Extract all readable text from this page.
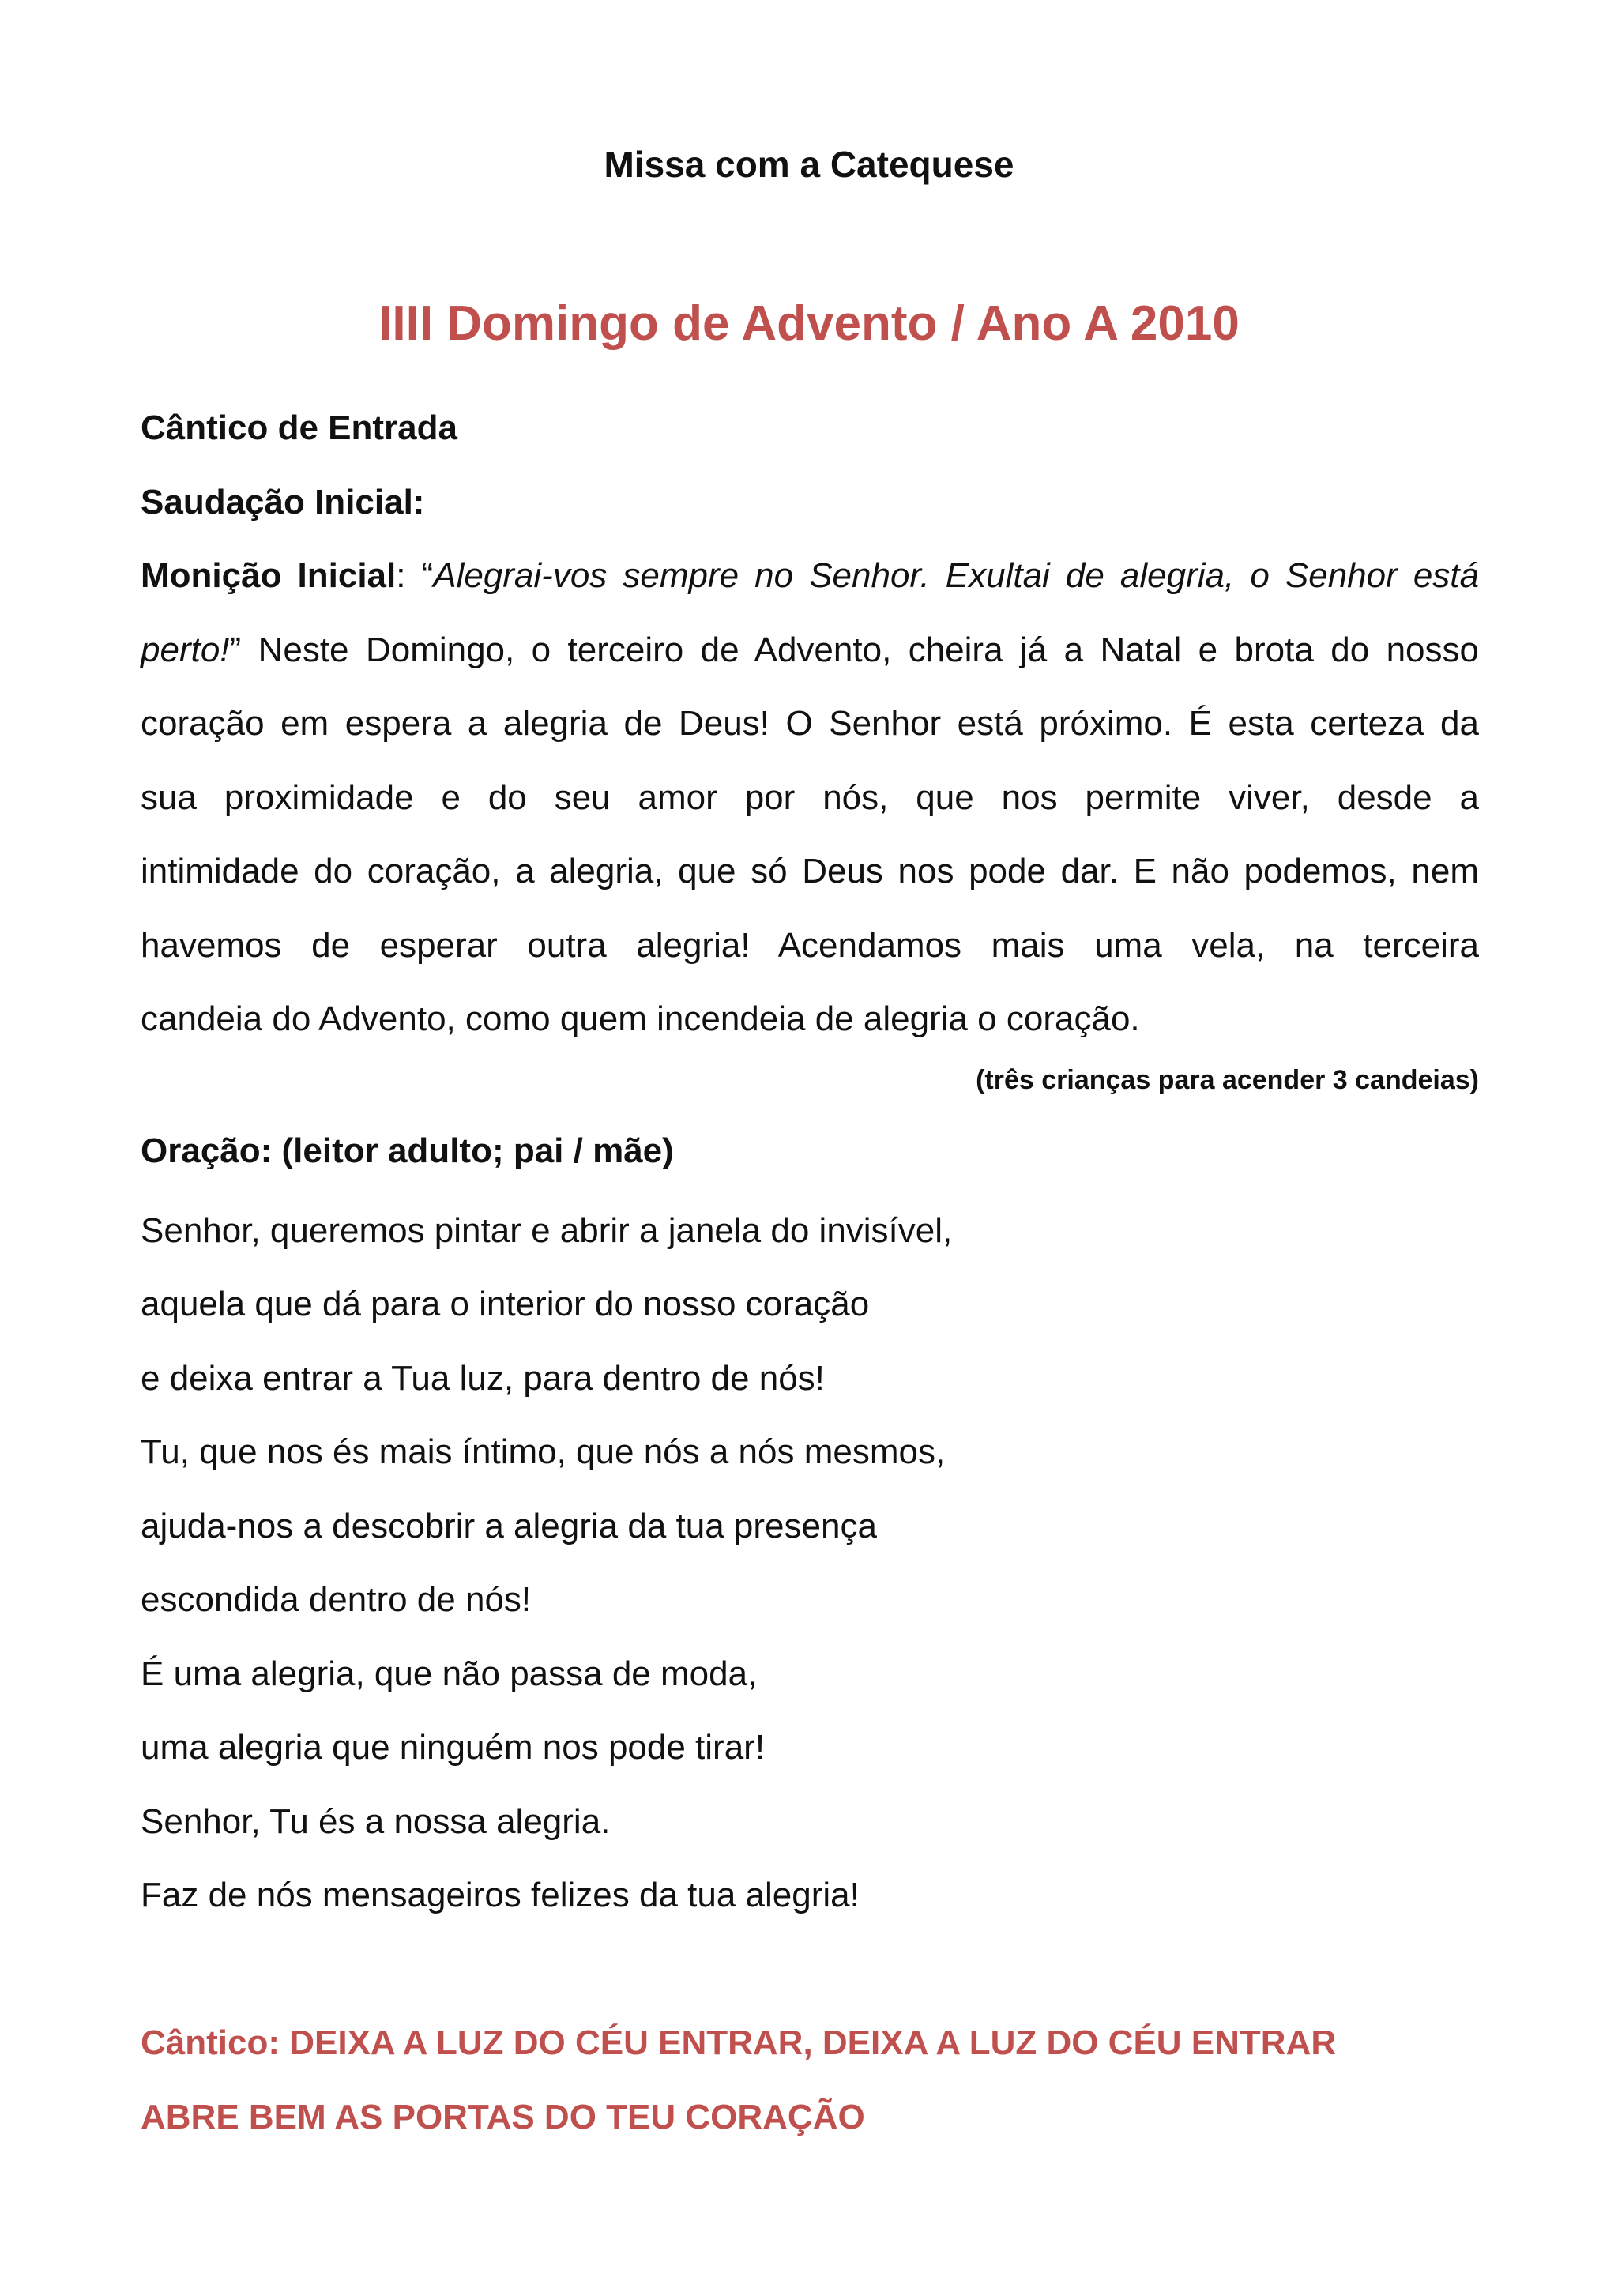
Missa com a Catequese
IIII Domingo de Advento / Ano A 2010
Cântico de Entrada
Saudação Inicial:
Monição Inicial: “Alegrai-vos sempre no Senhor. Exultai de alegria, o Senhor está
perto!” Neste Domingo, o terceiro de Advento, cheira já a Natal e brota do nosso
coração em espera a alegria de Deus! O Senhor está próximo. É esta certeza da
sua proximidade e do seu amor por nós, que nos permite viver, desde a
intimidade do coração, a alegria, que só Deus nos pode dar. E não podemos, nem
havemos de esperar outra alegria! Acendamos mais uma vela, na terceira
candeia do Advento, como quem incendeia de alegria o coração.
(três crianças para acender 3 candeias)
Oração: (leitor adulto; pai / mãe)
Senhor, queremos pintar e abrir a janela do invisível,
aquela que dá para o interior do nosso coração
e deixa entrar a Tua luz, para dentro de nós!
Tu, que nos és mais íntimo, que nós a nós mesmos,
ajuda-nos a descobrir a alegria da tua presença
escondida dentro de nós!
É uma alegria, que não passa de moda,
uma alegria que ninguém nos pode tirar!
Senhor, Tu és a nossa alegria.
Faz de nós mensageiros felizes da tua alegria!
Cântico: DEIXA A LUZ DO CÉU ENTRAR, DEIXA A LUZ DO CÉU ENTRAR
ABRE BEM AS PORTAS DO TEU CORAÇÃO
